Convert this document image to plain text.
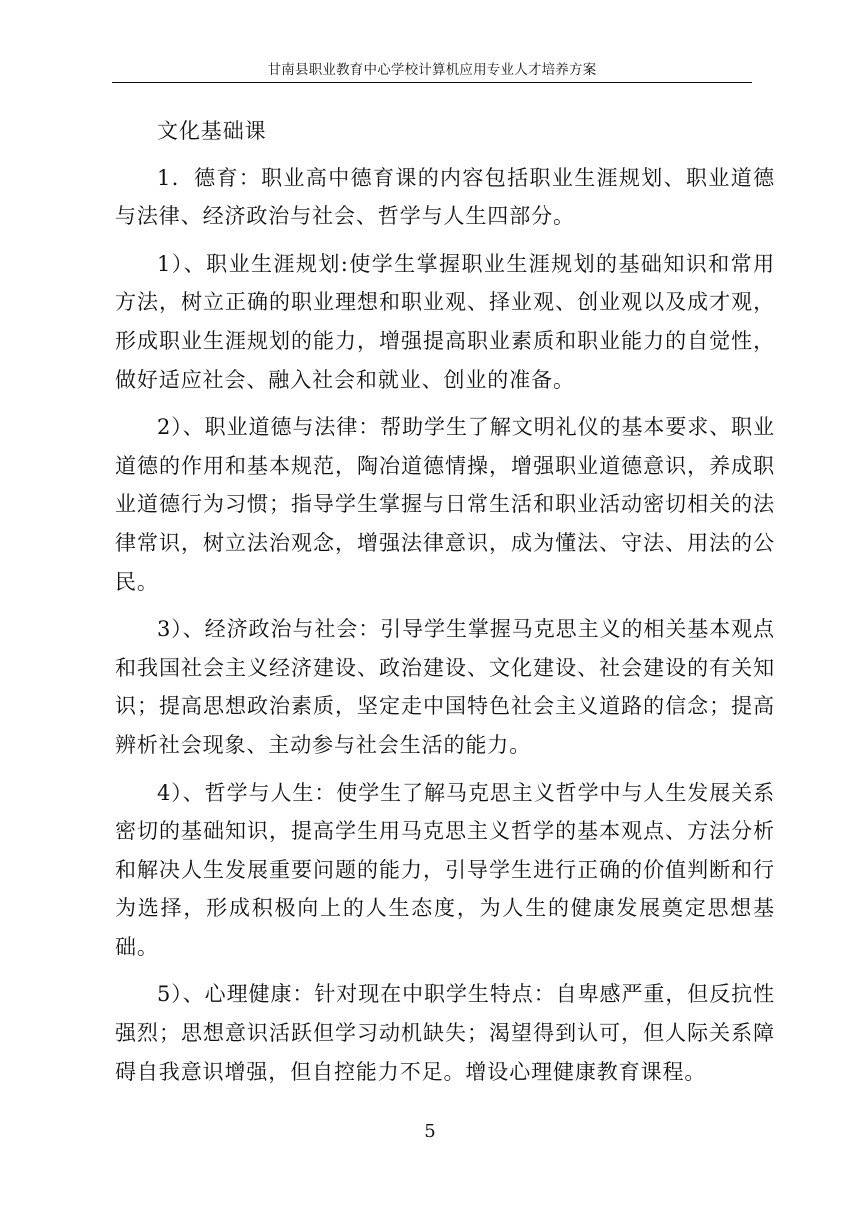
甘南县职业教育中心学校计算机应用专业人才培养方案

文化基础课

1．德育：职业高中德育课的内容包括职业生涯规划、职业道德与法律、经济政治与社会、哲学与人生四部分。

1）、职业生涯规划:使学生掌握职业生涯规划的基础知识和常用方法，树立正确的职业理想和职业观、择业观、创业观以及成才观，形成职业生涯规划的能力，增强提高职业素质和职业能力的自觉性，做好适应社会、融入社会和就业、创业的准备。

2）、职业道德与法律：帮助学生了解文明礼仪的基本要求、职业道德的作用和基本规范，陶冶道德情操，增强职业道德意识，养成职业道德行为习惯；指导学生掌握与日常生活和职业活动密切相关的法律常识，树立法治观念，增强法律意识，成为懂法、守法、用法的公民。

3）、经济政治与社会：引导学生掌握马克思主义的相关基本观点和我国社会主义经济建设、政治建设、文化建设、社会建设的有关知识；提高思想政治素质，坚定走中国特色社会主义道路的信念；提高辨析社会现象、主动参与社会生活的能力。

4）、哲学与人生：使学生了解马克思主义哲学中与人生发展关系密切的基础知识，提高学生用马克思主义哲学的基本观点、方法分析和解决人生发展重要问题的能力，引导学生进行正确的价值判断和行为选择，形成积极向上的人生态度，为人生的健康发展奠定思想基础。

5）、心理健康：针对现在中职学生特点：自卑感严重，但反抗性强烈；思想意识活跃但学习动机缺失；渴望得到认可，但人际关系障碍自我意识增强，但自控能力不足。增设心理健康教育课程。

5
